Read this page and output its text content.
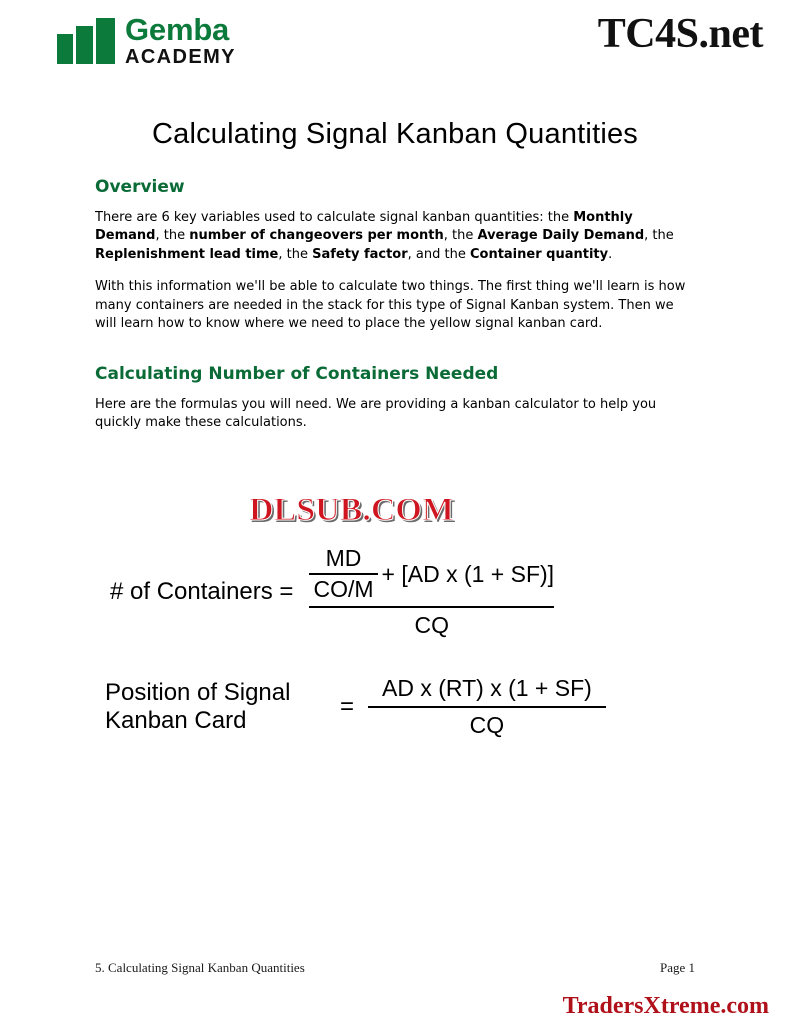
Gemba
ACADEMY	TC4S.net
Calculating Signal Kanban Quantities
Overview

There are 6 key variables used to calculate signal kanban quantities: the Monthly Demand, the number of changeovers per month, the Average Daily Demand, the Replenishment lead time, the Safety factor, and the Container quantity.

With this information we'll be able to calculate two things. The first thing we'll learn is how many containers are needed in the stack for this type of Signal Kanban system. Then we will learn how to know where we need to place the yellow signal kanban card.

Calculating Number of Containers Needed

Here are the formulas you will need. We are providing a kanban calculator to help you quickly make these calculations.

DLSUB.COM
# of Containers = $\frac{\frac{MD}{CO/M} + [AD x (1 + SF)]}{CQ}$
Position of Signal Kanban Card
= $\frac{\text{AD x (RT) x (1 + SF)}}{CQ}$
5. Calculating Signal Kanban Quantities	Page 1
TradersXtreme.com
